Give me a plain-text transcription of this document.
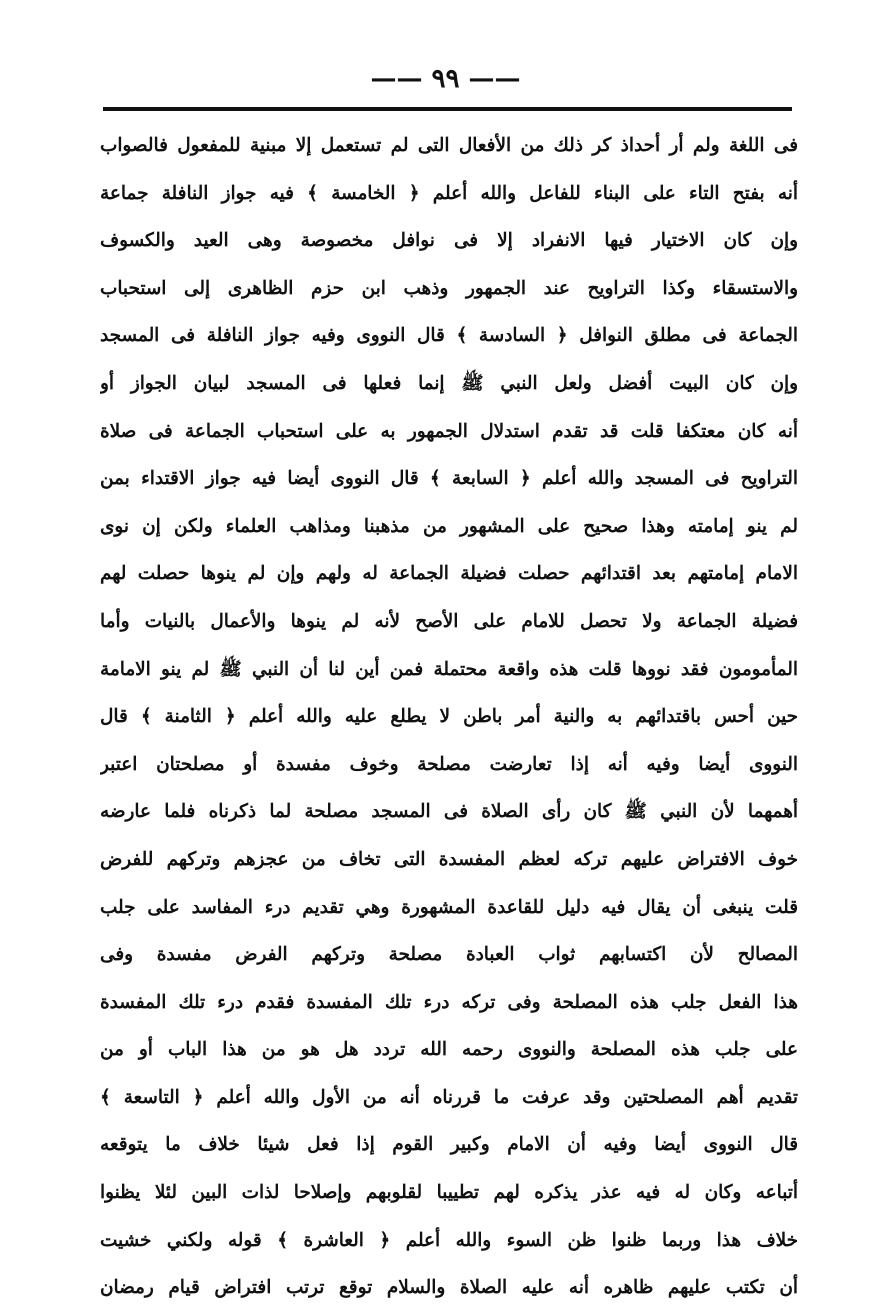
—— ٩٩ ——
فى اللغة ولم أر أحداذ كر ذلك من الأفعال التى لم تستعمل إلا مبنية للمفعول فالصواب
أنه بفتح التاء على البناء للفاعل والله أعلم ﴿ الخامسة ﴾ فيه جواز النافلة جماعة
وإن كان الاختيار فيها الانفراد إلا فى نوافل مخصوصة وهى العيد والكسوف
والاستسقاء وكذا التراويح عند الجمهور وذهب ابن حزم الظاهرى إلى استحباب
الجماعة فى مطلق النوافل ﴿ السادسة ﴾ قال النووى وفيه جواز النافلة فى المسجد
وإن كان البيت أفضل ولعل النبي ﷺ إنما فعلها فى المسجد لبيان الجواز أو
أنه كان معتكفا قلت قد تقدم استدلال الجمهور به على استحباب الجماعة فى صلاة
التراويح فى المسجد والله أعلم ﴿ السابعة ﴾ قال النووى أيضا فيه جواز الاقتداء بمن
لم ينو إمامته وهذا صحيح على المشهور من مذهبنا ومذاهب العلماء ولكن إن نوى
الامام إمامتهم بعد اقتدائهم حصلت فضيلة الجماعة له ولهم وإن لم ينوها حصلت لهم
فضيلة الجماعة ولا تحصل للامام على الأصح لأنه لم ينوها والأعمال بالنيات وأما
المأمومون فقد نووها قلت هذه واقعة محتملة فمن أين لنا أن النبي ﷺ لم ينو الامامة
حين أحس باقتدائهم به والنية أمر باطن لا يطلع عليه والله أعلم ﴿ الثامنة ﴾ قال
النووى أيضا وفيه أنه إذا تعارضت مصلحة وخوف مفسدة أو مصلحتان اعتبر
أهمهما لأن النبي ﷺ كان رأى الصلاة فى المسجد مصلحة لما ذكرناه فلما عارضه
خوف الافتراض عليهم تركه لعظم المفسدة التى تخاف من عجزهم وتركهم للفرض
قلت ينبغى أن يقال فيه دليل للقاعدة المشهورة وهي تقديم درء المفاسد على جلب
المصالح لأن اكتسابهم ثواب العبادة مصلحة وتركهم الفرض مفسدة وفى
هذا الفعل جلب هذه المصلحة وفى تركه درء تلك المفسدة فقدم درء تلك المفسدة
على جلب هذه المصلحة والنووى رحمه الله تردد هل هو من هذا الباب أو من
تقديم أهم المصلحتين وقد عرفت ما قررناه أنه من الأول والله أعلم ﴿ التاسعة ﴾
قال النووى أيضا وفيه أن الامام وكبير القوم إذا فعل شيئا خلاف ما يتوقعه
أتباعه وكان له فيه عذر يذكره لهم تطييبا لقلوبهم وإصلاحا لذات البين لئلا يظنوا
خلاف هذا وربما ظنوا ظن السوء والله أعلم ﴿ العاشرة ﴾ قوله ولكني خشيت
أن تكتب عليهم ظاهره أنه عليه الصلاة والسلام توقع ترتب افتراض قيام رمضان
